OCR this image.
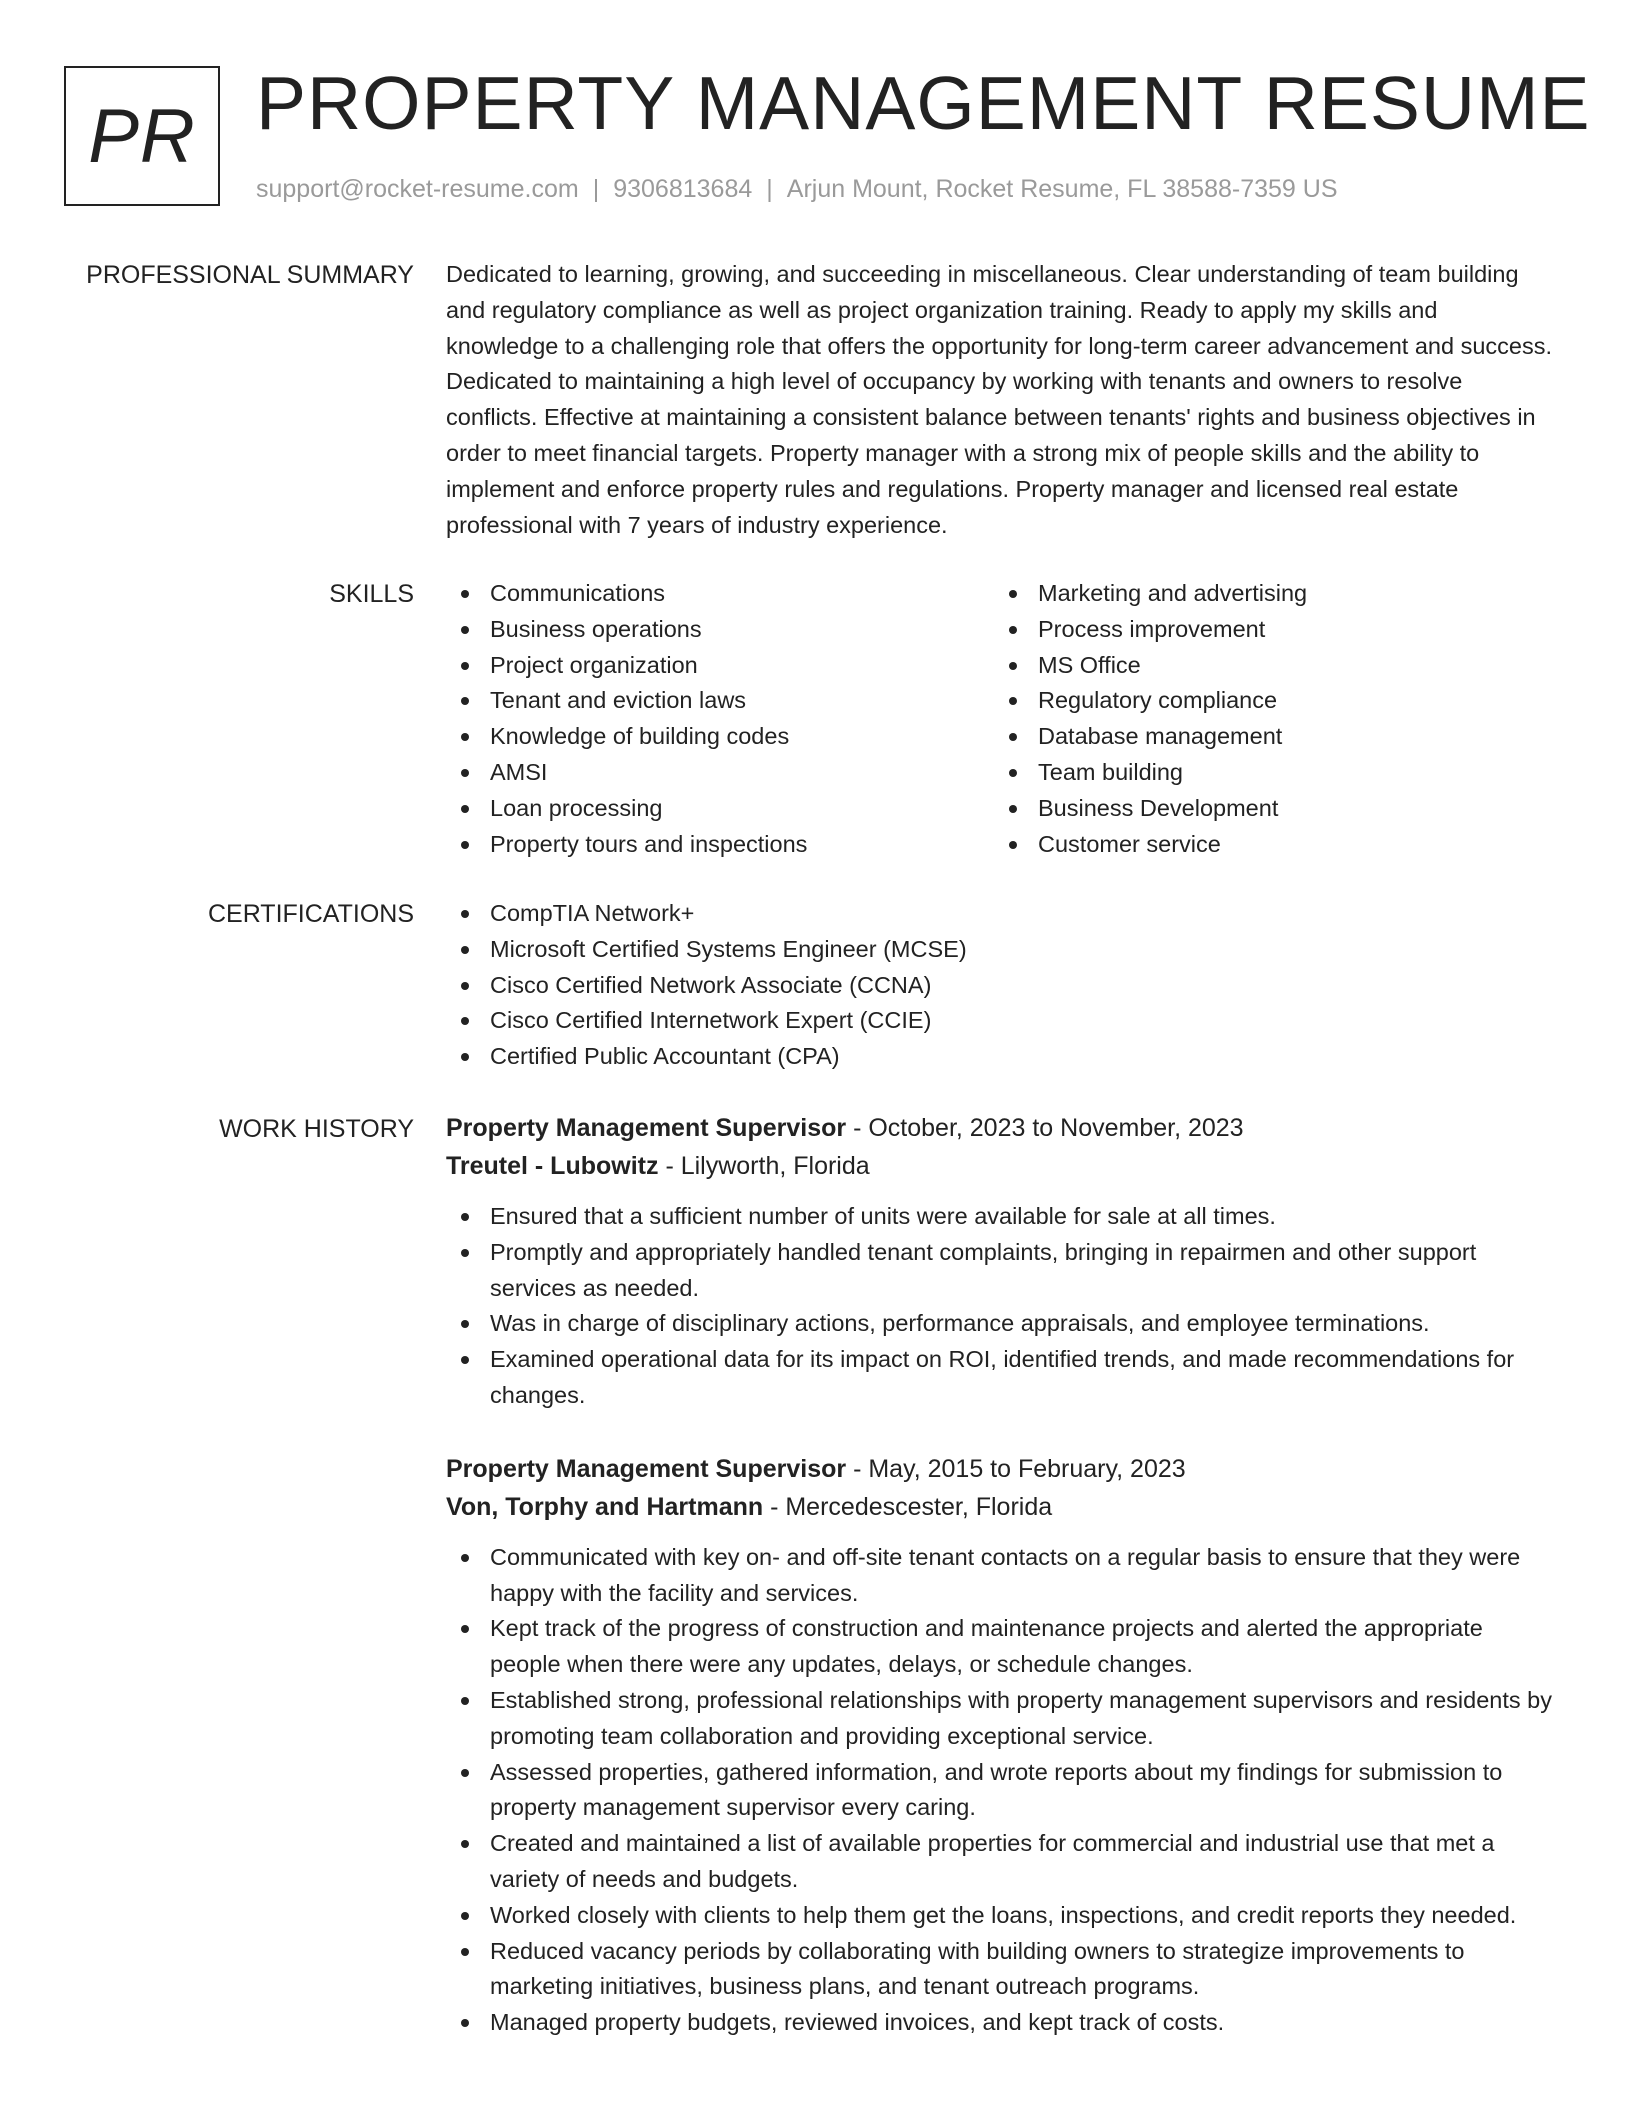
PR PROPERTY MANAGEMENT RESUME
support@rocket-resume.com | 9306813684 | Arjun Mount, Rocket Resume, FL 38588-7359 US
PROFESSIONAL SUMMARY Dedicated to learning, growing, and succeeding in miscellaneous. Clear understanding of team building and regulatory compliance as well as project organization training. Ready to apply my skills and knowledge to a challenging role that offers the opportunity for long-term career advancement and success. Dedicated to maintaining a high level of occupancy by working with tenants and owners to resolve conflicts. Effective at maintaining a consistent balance between tenants' rights and business objectives in order to meet financial targets. Property manager with a strong mix of people skills and the ability to implement and enforce property rules and regulations. Property manager and licensed real estate professional with 7 years of industry experience.

SKILLS	Communications
Business operations
Project organization
Tenant and eviction laws
Knowledge of building codes
AMSI
Loan processing
Property tours and inspections
Marketing and advertising
Process improvement
MS Office
Regulatory compliance
Database management
Team building
Business Development
Customer service
CERTIFICATIONS	CompTIA Network+
Microsoft Certified Systems Engineer (MCSE)
Cisco Certified Network Associate (CCNA)
Cisco Certified Internetwork Expert (CCIE)
Certified Public Accountant (CPA)
WORK HISTORY Property Management Supervisor - October, 2023 to November, 2023
Treutel - Lubowitz - Lilyworth, Florida
Ensured that a sufficient number of units were available for sale at all times.
Promptly and appropriately handled tenant complaints, bringing in repairmen and other support services as needed.
Was in charge of disciplinary actions, performance appraisals, and employee terminations.
Examined operational data for its impact on ROI, identified trends, and made recommendations for changes.
Property Management Supervisor - May, 2015 to February, 2023
Von, Torphy and Hartmann - Mercedescester, Florida
Communicated with key on- and off-site tenant contacts on a regular basis to ensure that they were happy with the facility and services.
Kept track of the progress of construction and maintenance projects and alerted the appropriate people when there were any updates, delays, or schedule changes.
Established strong, professional relationships with property management supervisors and residents by promoting team collaboration and providing exceptional service.
Assessed properties, gathered information, and wrote reports about my findings for submission to property management supervisor every caring.
Created and maintained a list of available properties for commercial and industrial use that met a variety of needs and budgets.
Worked closely with clients to help them get the loans, inspections, and credit reports they needed.
Reduced vacancy periods by collaborating with building owners to strategize improvements to marketing initiatives, business plans, and tenant outreach programs.
Managed property budgets, reviewed invoices, and kept track of costs.
